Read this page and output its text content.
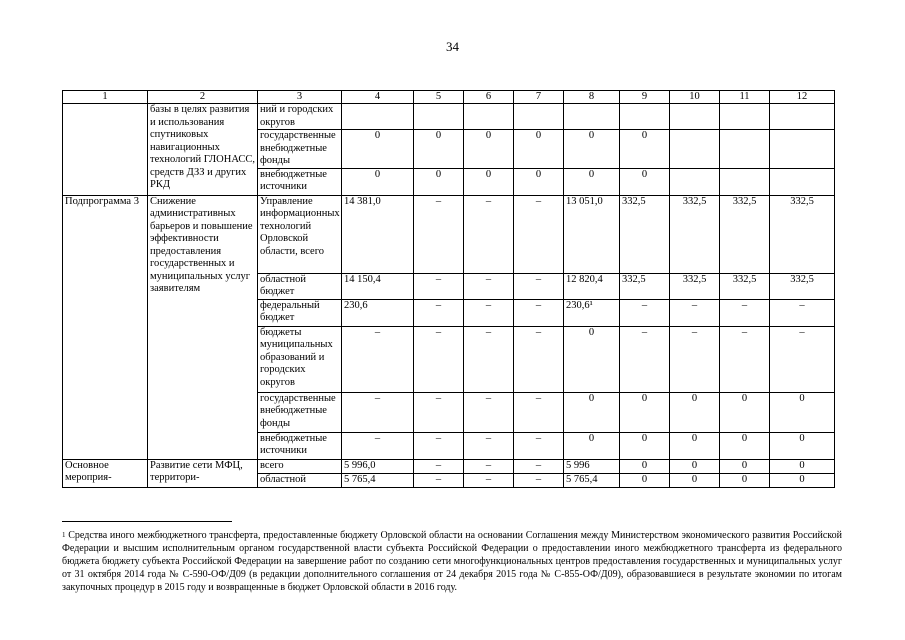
34
1	2	3	4	5	6	7	8	9	10	11	12
	базы в целях развития и использования спутниковых навигационных технологий ГЛОНАСС, средств ДЗЗ и других РКД	ний и городских округов									
		государственные внебюджетные фонды	0	0	0	0	0	0			
		внебюджетные источники	0	0	0	0	0	0			
Подпрограмма 3	Снижение административных барьеров и повышение эффективности предоставления государственных и муниципальных услуг заявителям	Управление информационных технологий Орловской области, всего	14 381,0	–	–	–	13 051,0	332,5	332,5	332,5	332,5
		областной бюджет	14 150,4	–	–	–	12 820,4	332,5	332,5	332,5	332,5
		федеральный бюджет	230,6	–	–	–	230,6¹	–	–	–	–
		бюджеты муниципальных образований и городских округов	–	–	–	–	0	–	–	–	–
		государственные внебюджетные фонды	–	–	–	–	0	0	0	0	0
		внебюджетные источники	–	–	–	–	0	0	0	0	0
Основное мероприя-	Развитие сети МФЦ, территори-	всего	5 996,0	–	–	–	5 996	0	0	0	0
		областной	5 765,4	–	–	–	5 765,4	0	0	0	0
$^1$ Средства иного межбюджетного трансферта, предоставленные бюджету Орловской области на основании Соглашения между Министерством экономического развития Российской Федерации и высшим исполнительным органом государственной власти субъекта Российской Федерации о предоставлении иного межбюджетного трансферта из федерального бюджета бюджету субъекта Российской Федерации на завершение работ по созданию сети многофункциональных центров предоставления государственных и муниципальных услуг от 31 октября 2014 года № С-590-ОФ/Д09 (в редакции дополнительного соглашения от 24 декабря 2015 года № С-855-ОФ/Д09), образовавшиеся в результате экономии по итогам закупочных процедур в 2015 году и возвращенные в бюджет Орловской области в 2016 году.
